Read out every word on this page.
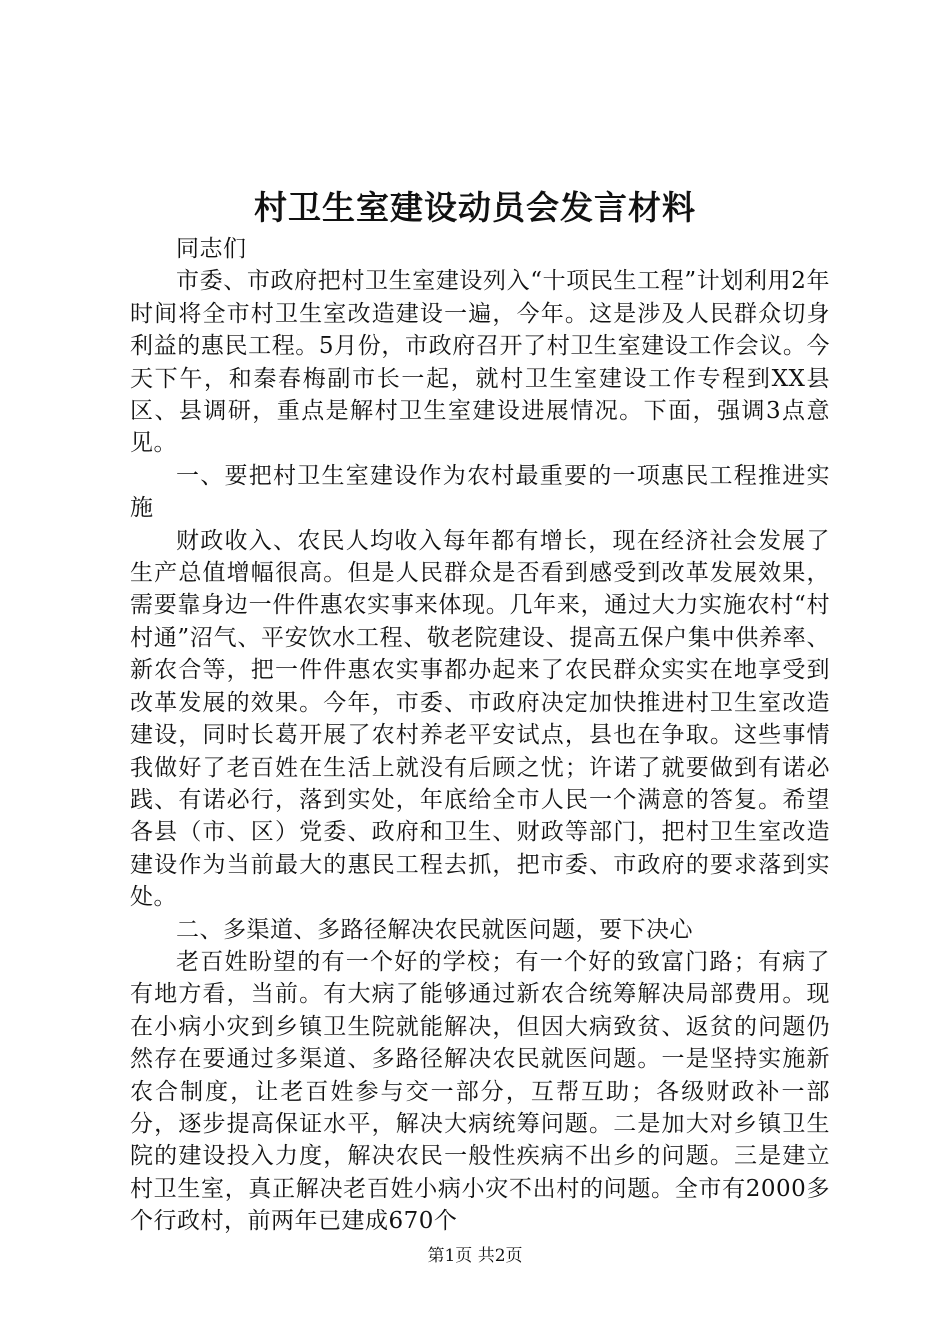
村卫生室建设动员会发言材料

同志们

市委、市政府把村卫生室建设列入“十项民生工程”计划利用2年时间将全市村卫生室改造建设一遍，今年。这是涉及人民群众切身利益的惠民工程。5月份，市政府召开了村卫生室建设工作会议。今天下午，和秦春梅副市长一起，就村卫生室建设工作专程到XX县区、县调研，重点是解村卫生室建设进展情况。下面，强调3点意见。

一、要把村卫生室建设作为农村最重要的一项惠民工程推进实施

财政收入、农民人均收入每年都有增长，现在经济社会发展了生产总值增幅很高。但是人民群众是否看到感受到改革发展效果，需要靠身边一件件惠农实事来体现。几年来，通过大力实施农村“村村通”沼气、平安饮水工程、敬老院建设、提高五保户集中供养率、新农合等，把一件件惠农实事都办起来了农民群众实实在地享受到改革发展的效果。今年，市委、市政府决定加快推进村卫生室改造建设，同时长葛开展了农村养老平安试点，县也在争取。这些事情我做好了老百姓在生活上就没有后顾之忧；许诺了就要做到有诺必践、有诺必行，落到实处，年底给全市人民一个满意的答复。希望各县（市、区）党委、政府和卫生、财政等部门，把村卫生室改造建设作为当前最大的惠民工程去抓，把市委、市政府的要求落到实处。

二、多渠道、多路径解决农民就医问题，要下决心

老百姓盼望的有一个好的学校；有一个好的致富门路；有病了有地方看，当前。有大病了能够通过新农合统筹解决局部费用。现在小病小灾到乡镇卫生院就能解决，但因大病致贫、返贫的问题仍然存在要通过多渠道、多路径解决农民就医问题。一是坚持实施新农合制度，让老百姓参与交一部分，互帮互助；各级财政补一部分，逐步提高保证水平，解决大病统筹问题。二是加大对乡镇卫生院的建设投入力度，解决农民一般性疾病不出乡的问题。三是建立村卫生室，真正解决老百姓小病小灾不出村的问题。全市有2000多个行政村，前两年已建成670个

第1页 共2页
